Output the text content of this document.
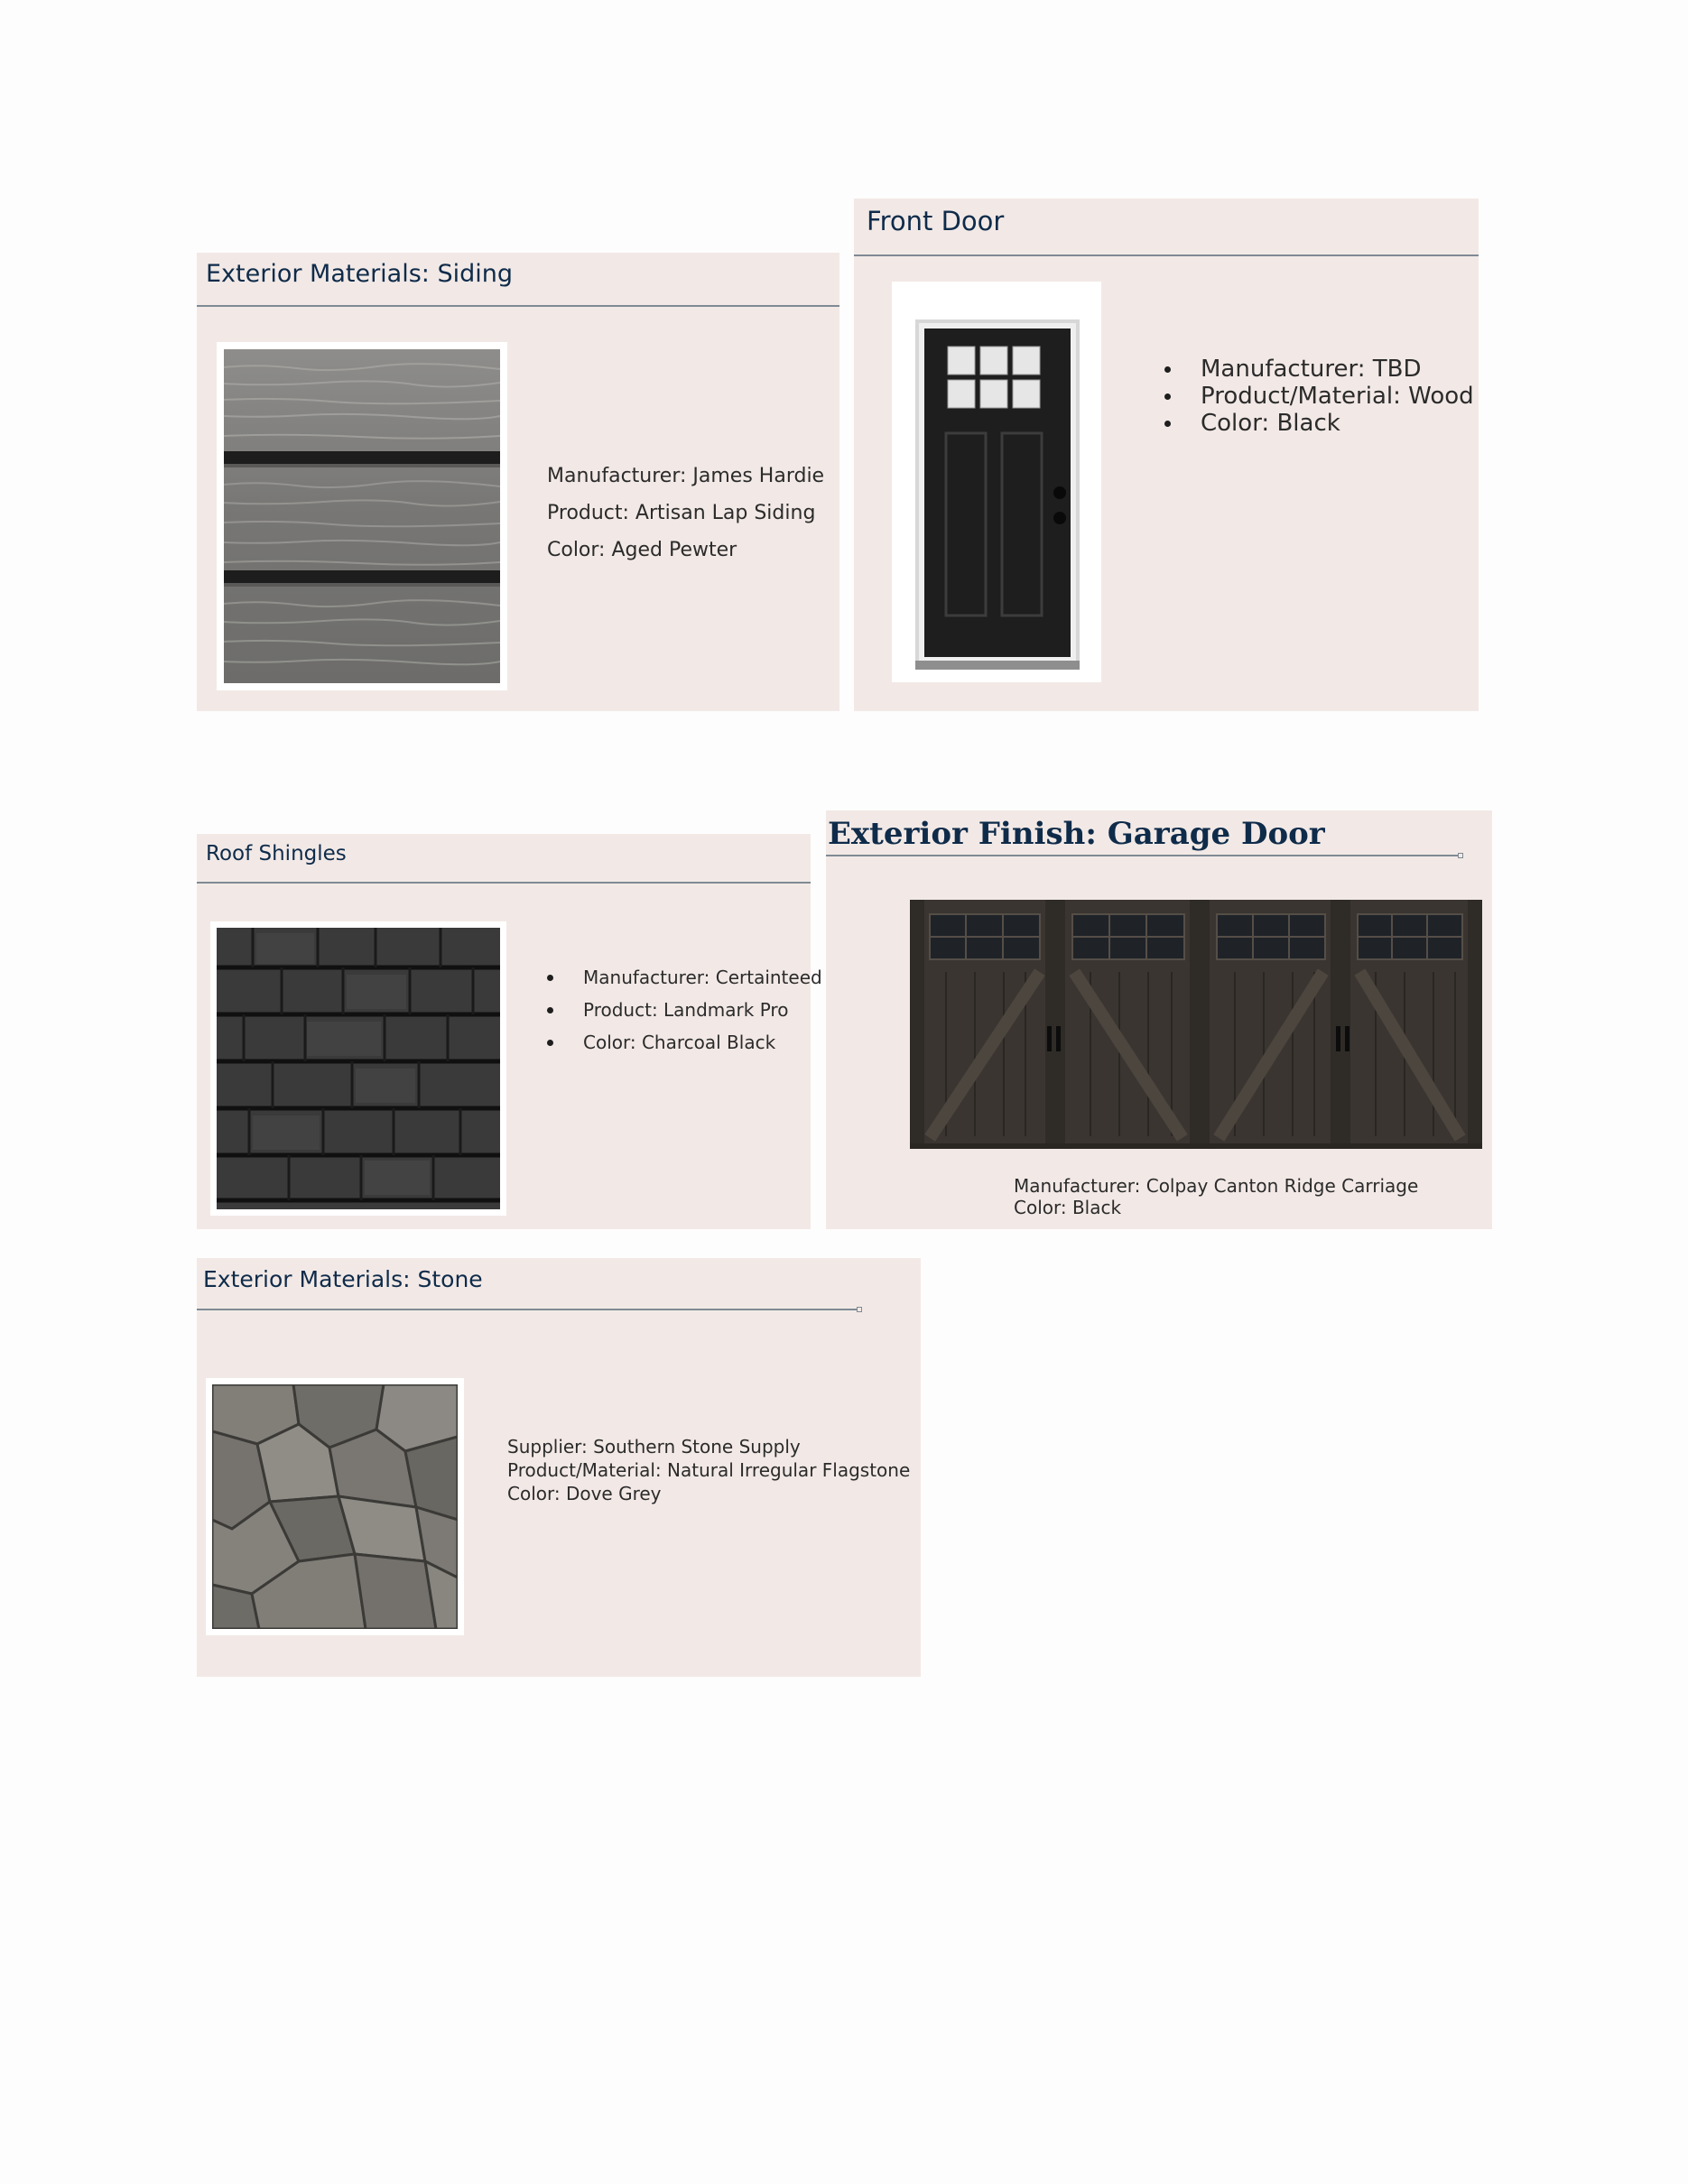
Exterior Materials: Siding
Manufacturer: James Hardie
Product: Artisan Lap Siding
Color: Aged Pewter
Front Door
Manufacturer: TBD
Product/Material: Wood
Color: Black
Roof Shingles
Manufacturer: Certainteed
Product: Landmark Pro
Color: Charcoal Black
Exterior Finish: Garage Door
Manufacturer: Colpay Canton Ridge Carriage
Color: Black
Exterior Materials: Stone
Supplier: Southern Stone Supply
Product/Material: Natural Irregular Flagstone
Color: Dove Grey
